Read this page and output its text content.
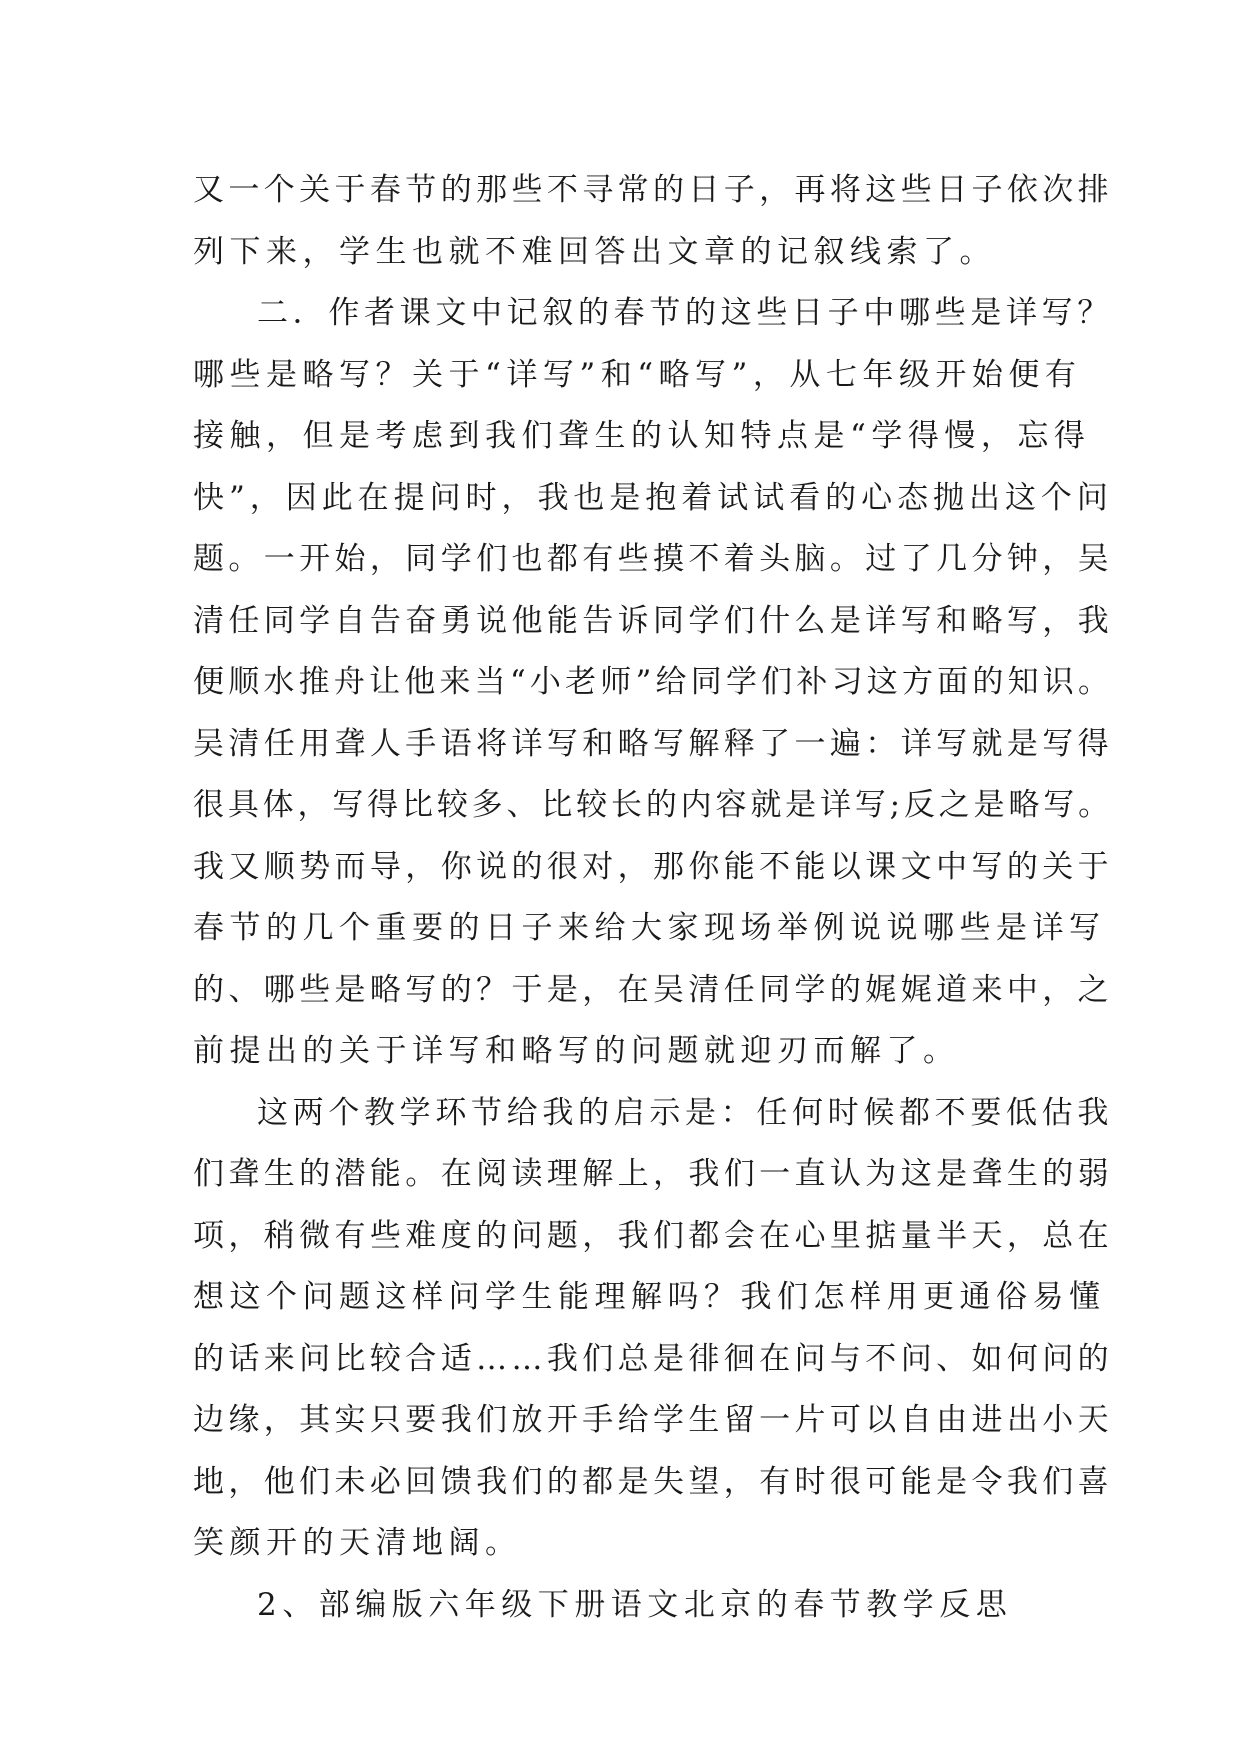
又一个关于春节的那些不寻常的日子，再将这些日子依次排
列下来，学生也就不难回答出文章的记叙线索了。
二．作者课文中记叙的春节的这些日子中哪些是详写？
哪些是略写？关于“详写”和“略写”，从七年级开始便有
接触，但是考虑到我们聋生的认知特点是“学得慢，忘得
快”，因此在提问时，我也是抱着试试看的心态抛出这个问
题。一开始，同学们也都有些摸不着头脑。过了几分钟，吴
清任同学自告奋勇说他能告诉同学们什么是详写和略写，我
便顺水推舟让他来当“小老师”给同学们补习这方面的知识。
吴清任用聋人手语将详写和略写解释了一遍：详写就是写得
很具体，写得比较多、比较长的内容就是详写;反之是略写。
我又顺势而导，你说的很对，那你能不能以课文中写的关于
春节的几个重要的日子来给大家现场举例说说哪些是详写
的、哪些是略写的？于是，在吴清任同学的娓娓道来中，之
前提出的关于详写和略写的问题就迎刃而解了。
这两个教学环节给我的启示是：任何时候都不要低估我
们聋生的潜能。在阅读理解上，我们一直认为这是聋生的弱
项，稍微有些难度的问题，我们都会在心里掂量半天，总在
想这个问题这样问学生能理解吗？我们怎样用更通俗易懂
的话来问比较合适……我们总是徘徊在问与不问、如何问的
边缘，其实只要我们放开手给学生留一片可以自由进出小天
地，他们未必回馈我们的都是失望，有时很可能是令我们喜
笑颜开的天清地阔。
2、部编版六年级下册语文北京的春节教学反思
